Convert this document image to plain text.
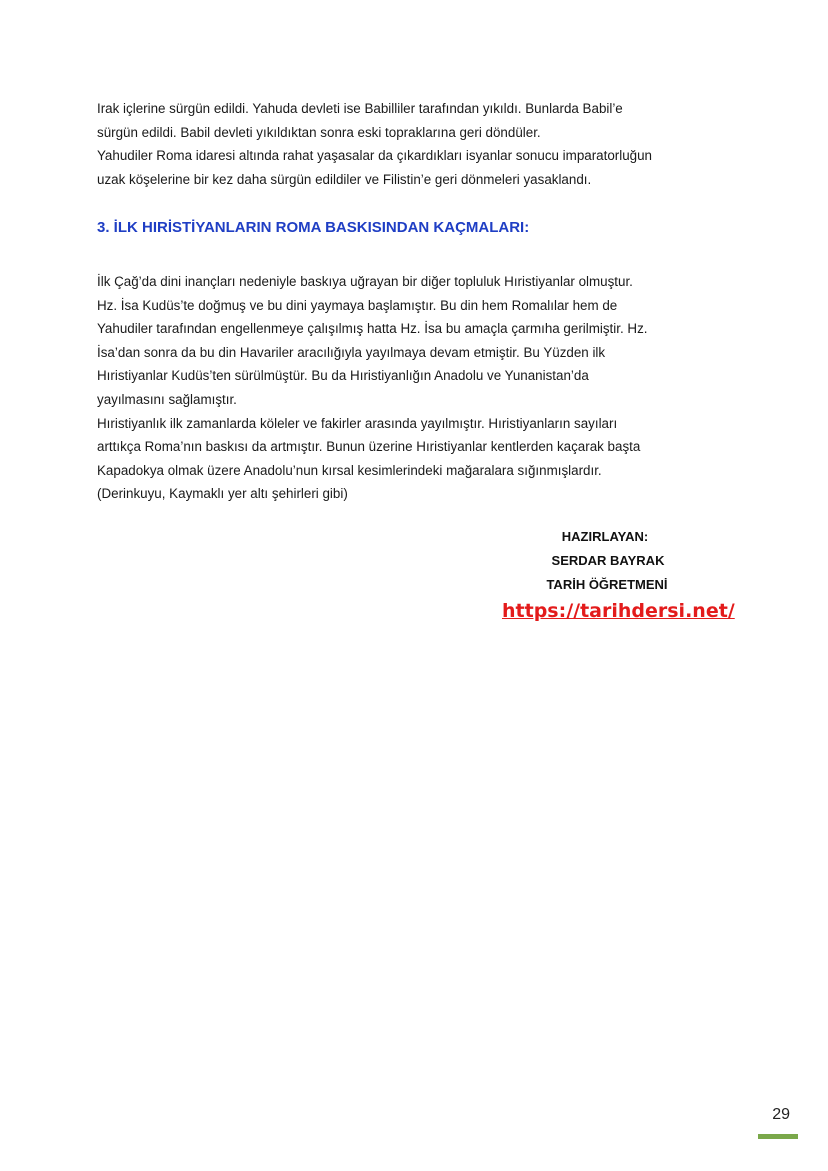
Irak içlerine sürgün edildi. Yahuda devleti ise Babilliler tarafından yıkıldı. Bunlarda Babil’e

sürgün edildi. Babil devleti yıkıldıktan sonra eski topraklarına geri döndüler.

Yahudiler Roma idaresi altında rahat yaşasalar da çıkardıkları isyanlar sonucu imparatorluğun

uzak köşelerine bir kez daha sürgün edildiler ve Filistin’e geri dönmeleri yasaklandı.

3. İLK HIRİSTİYANLARIN ROMA BASKISINDAN KAÇMALARI:

İlk Çağ’da dini inançları nedeniyle baskıya uğrayan bir diğer topluluk Hıristiyanlar olmuştur.

Hz. İsa Kudüs’te doğmuş ve bu dini yaymaya başlamıştır. Bu din hem Romalılar hem de

Yahudiler tarafından engellenmeye çalışılmış hatta Hz. İsa bu amaçla çarmıha gerilmiştir. Hz.

İsa’dan sonra da bu din Havariler aracılığıyla yayılmaya devam etmiştir. Bu Yüzden ilk

Hıristiyanlar Kudüs’ten sürülmüştür. Bu da Hıristiyanlığın Anadolu ve Yunanistan’da

yayılmasını sağlamıştır.

Hıristiyanlık ilk zamanlarda köleler ve fakirler arasında yayılmıştır. Hıristiyanların sayıları

arttıkça Roma’nın baskısı da artmıştır. Bunun üzerine Hıristiyanlar kentlerden kaçarak başta

Kapadokya olmak üzere Anadolu’nun kırsal kesimlerindeki mağaralara sığınmışlardır.

(Derinkuyu, Kaymaklı yer altı şehirleri gibi)

HAZIRLAYAN:

SERDAR BAYRAK

TARİH ÖĞRETMENİ

https://tarihdersi.net/
29
